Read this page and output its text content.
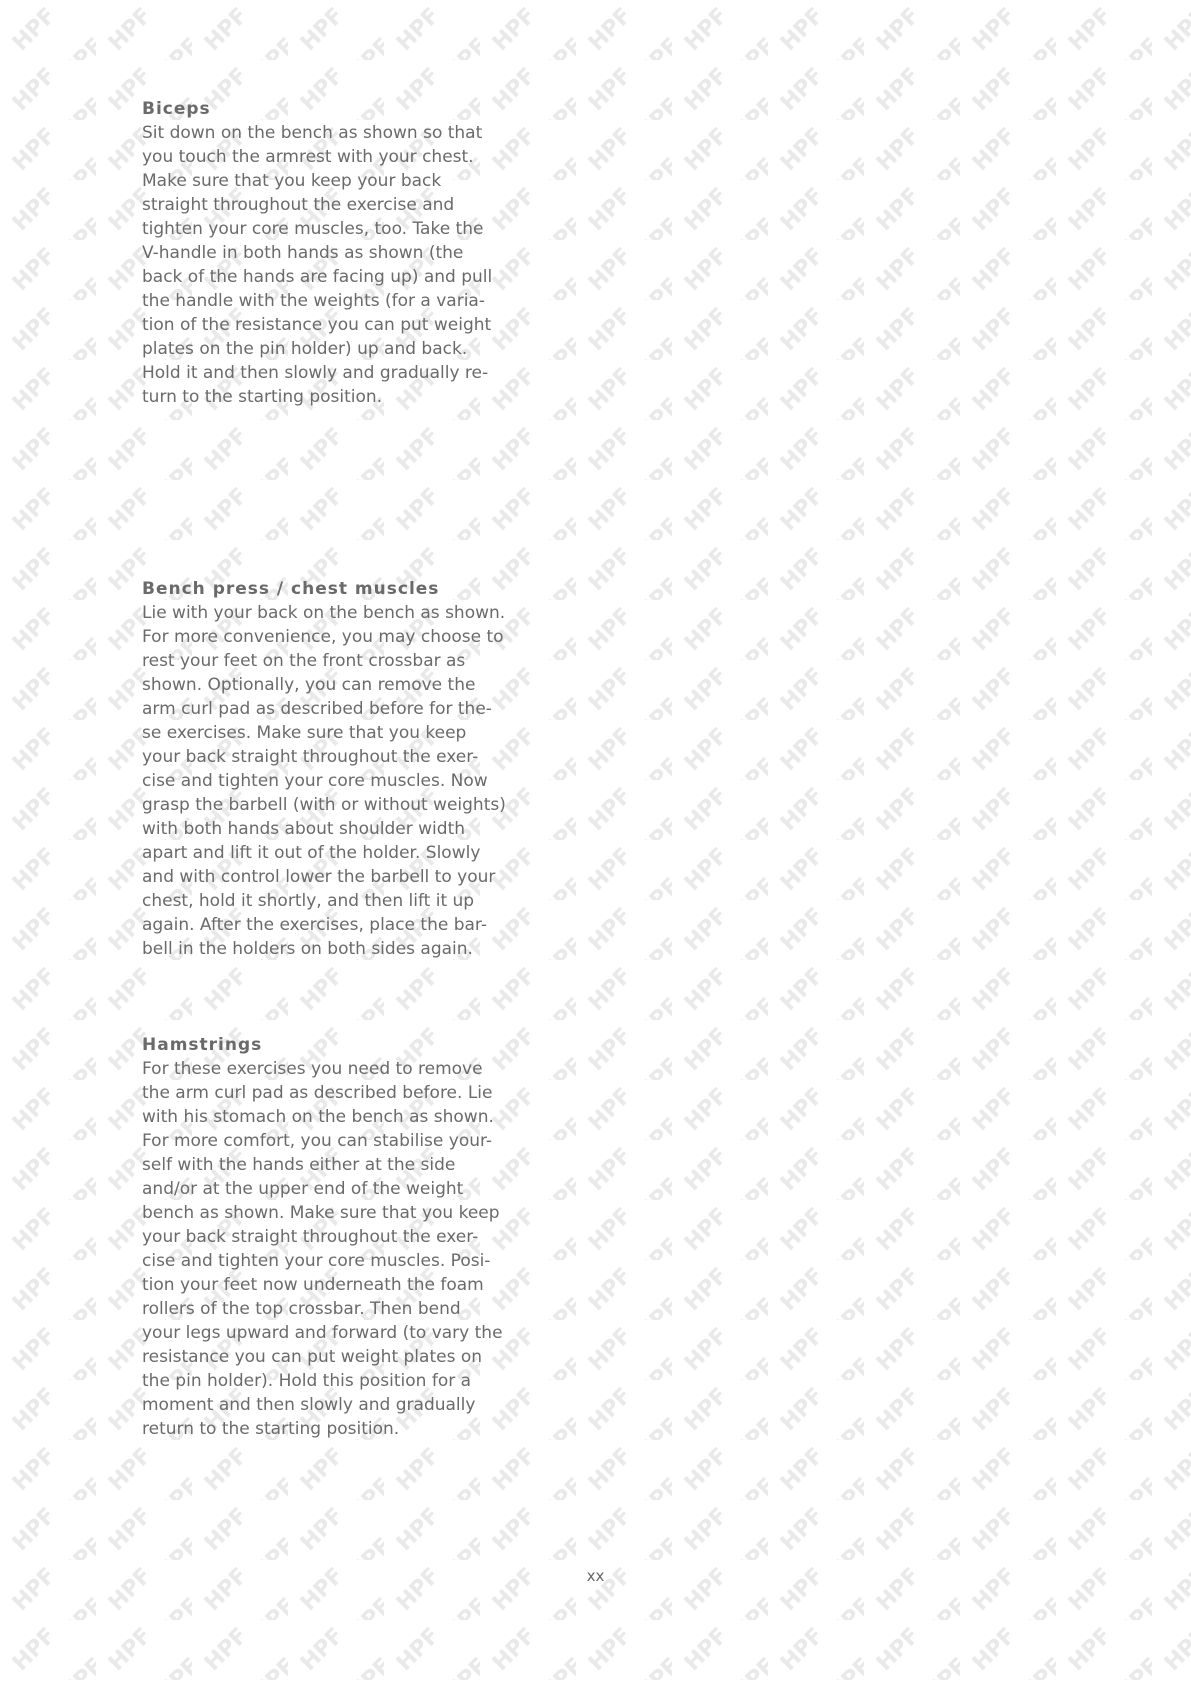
Biceps
Sit down on the bench as shown so that
you touch the armrest with your chest.
Make sure that you keep your back
straight throughout the exercise and
tighten your core muscles, too. Take the
V-handle in both hands as shown (the
back of the hands are facing up) and pull
the handle with the weights (for a varia-
tion of the resistance you can put weight
plates on the pin holder) up and back.
Hold it and then slowly and gradually re-
turn to the starting position.
Bench press / chest muscles
Lie with your back on the bench as shown.
For more convenience, you may choose to
rest your feet on the front crossbar as
shown. Optionally, you can remove the
arm curl pad as described before for the-
se exercises. Make sure that you keep
your back straight throughout the exer-
cise and tighten your core muscles. Now
grasp the barbell (with or without weights)
with both hands about shoulder width
apart and lift it out of the holder. Slowly
and with control lower the barbell to your
chest, hold it shortly, and then lift it up
again. After the exercises, place the bar-
bell in the holders on both sides again.
Hamstrings
For these exercises you need to remove
the arm curl pad as described before. Lie
with his stomach on the bench as shown.
For more comfort, you can stabilise your-
self with the hands either at the side
and/or at the upper end of the weight
bench as shown. Make sure that you keep
your back straight throughout the exer-
cise and tighten your core muscles. Posi-
tion your feet now underneath the foam
rollers of the top crossbar. Then bend
your legs upward and forward (to vary the
resistance you can put weight plates on
the pin holder). Hold this position for a
moment and then slowly and gradually
return to the starting position.
xx
